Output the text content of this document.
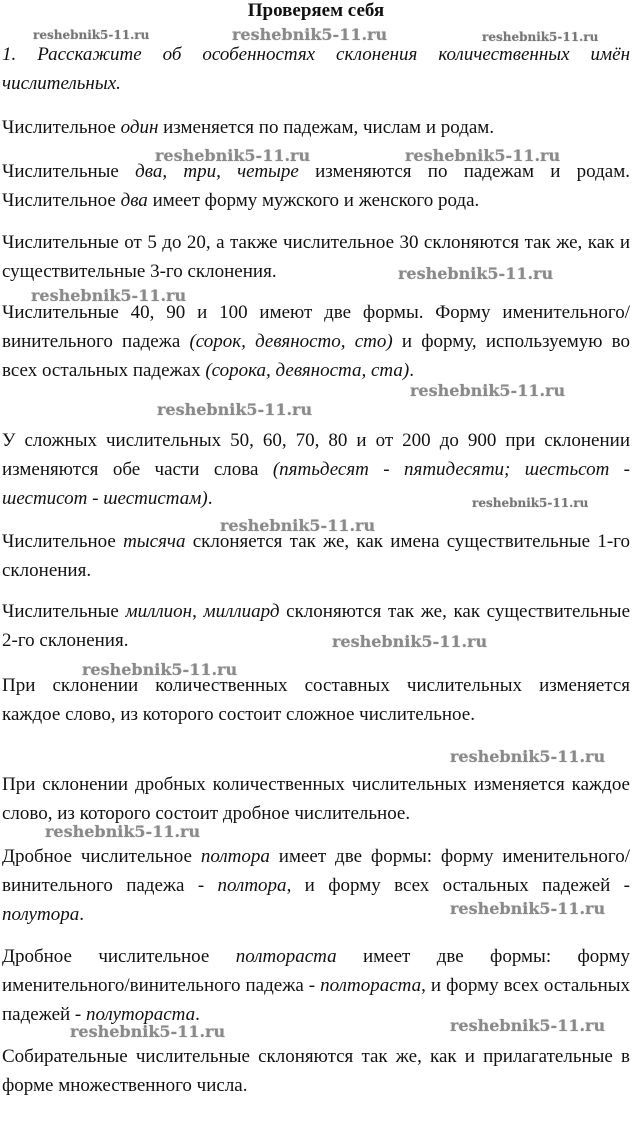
Проверяем себя
1. Расскажите об особенностях склонения количественных имён числительных.
Числительное один изменяется по падежам, числам и родам.
Числительные два, три, четыре изменяются по падежам и родам. Числительное два имеет форму мужского и женского рода.
Числительные от 5 до 20, а также числительное 30 склоняются так же, как и существительные 3-го склонения.
Числительные 40, 90 и 100 имеют две формы. Форму именительного/винительного падежа (сорок, девяносто, сто) и форму, используемую во всех остальных падежах (сорока, девяноста, ста).
У сложных числительных 50, 60, 70, 80 и от 200 до 900 при склонении изменяются обе части слова (пятьдесят - пятидесяти; шестьсот - шестисот - шестистам).
Числительное тысяча склоняется так же, как имена существительные 1-го склонения.
Числительные миллион, миллиард склоняются так же, как существительные 2-го склонения.
При склонении количественных составных числительных изменяется каждое слово, из которого состоит сложное числительное.
При склонении дробных количественных числительных изменяется каждое слово, из которого состоит дробное числительное.
Дробное числительное полтора имеет две формы: форму именительного/винительного падежа - полтора, и форму всех остальных падежей - полутора.
Дробное числительное полтораста имеет две формы: форму именительного/винительного падежа - полтораста, и форму всех остальных падежей - полутораста.
Собирательные числительные склоняются так же, как и прилагательные в форме множественного числа.
reshebnik5-11.ru	reshebnik5-11.ru	reshebnik5-11.ru
reshebnik5-11.ru	reshebnik5-11.ru
reshebnik5-11.ru
reshebnik5-11.ru
reshebnik5-11.ru
reshebnik5-11.ru
reshebnik5-11.ru
reshebnik5-11.ru
reshebnik5-11.ru
reshebnik5-11.ru
reshebnik5-11.ru
reshebnik5-11.ru
reshebnik5-11.ru
reshebnik5-11.ru	reshebnik5-11.ru
